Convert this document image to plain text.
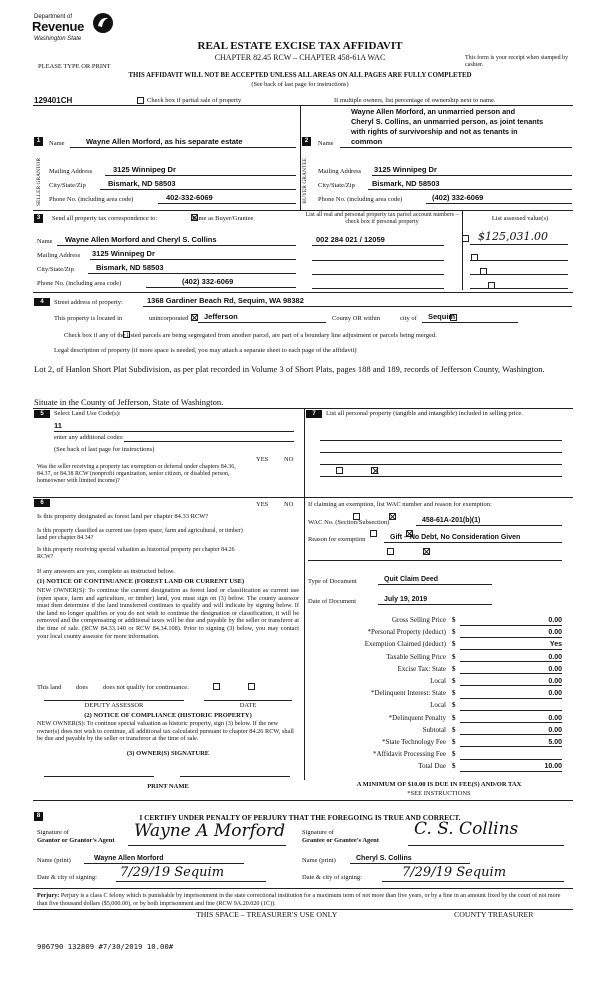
Department of
Revenue
Washington State
REAL ESTATE EXCISE TAX AFFIDAVIT
CHAPTER 82.45 RCW – CHAPTER 458-61A WAC
PLEASE TYPE OR PRINT
This form is your receipt when stamped by cashier.
THIS AFFIDAVIT WILL NOT BE ACCEPTED UNLESS ALL AREAS ON ALL PAGES ARE FULLY COMPLETED
(See back of last page for instructions)
129401CH
	Check box if partial sale of property	If multiple owners, list percentage of ownership next to name.
1
SELLER GRANTOR
Name	Wayne Allen Morford, as his separate estate
Mailing Address	3125 Winnipeg Dr
City/State/Zip	Bismark, ND 58503
Phone No. (including area code)	402-332-6069
2
BUYER GRANTEE
Wayne Allen Morford, an unmarried person and
Cheryl S. Collins, an unmarried person, as joint tenants
with rights of survivorship and not as tenants in
Name	common
Mailing Address 3125 Winnipeg Dr
City/State/Zip	Bismark, ND 58503
Phone No. (including area code)	(402) 332-6069
3	Send all property tax correspondence to:
	Same as Buyer/Grantee
Name	Wayne Allen Morford and Cheryl S. Collins
Mailing Address 3125 Winnipeg Dr
City/State/Zip	Bismark, ND 58503
Phone No. (including area code)	(402) 332-6069
List all real and personal property tax parcel account numbers – check box if personal property	List assessed value(s)
002 284 021 / 12059
	$125,031.00

4	Street address of property:	1368 Gardiner Beach Rd, Sequim, WA 98382
This property is located in
	unincorporated	Jefferson	County OR within
	city of	Sequim

Check box if any of the listed parcels are being segregated from another parcel, are part of a boundary line adjustment or parcels being merged.
Legal description of property (if more space is needed, you may attach a separate sheet to each page of the affidavit)
Lot 2, of Hanlon Short Plat Subdivision, as per plat recorded in Volume 3 of Short Plats, pages 188 and 189, records of Jefferson County, Washington.
Situate in the County of Jefferson, State of Washington.
5	Select Land Use Code(s):
11
enter any additional codes:
(See back of last page for instructions)
YES NO
Was the seller receiving a property tax exemption or deferral under chapters 84.36, 84.37, or 84.38 RCW (nonprofit organization, senior citizen, or disabled person, homeowner with limited income)?

7	List all personal property (tangible and intangible) included in selling price.
6	YES NO
Is this property designated as forest land per chapter 84.33 RCW?

Is this property classified as current use (open space, farm and agricultural, or timber) land per chapter 84.34?

Is this property receiving special valuation as historical property per chapter 84.26 RCW?

If any answers are yes, complete as instructed below.
(1) NOTICE OF CONTINUANCE (FOREST LAND OR CURRENT USE)
NEW OWNER(S): To continue the current designation as forest land or classification as current use (open space, farm and agriculture, or timber) land, you must sign on (3) below. The county assessor must then determine if the land transferred continues to qualify and will indicate by signing below. If the land no longer qualifies or you do not wish to continue the designation or classification, it will be removed and the compensating or additional taxes will be due and payable by the seller or transferor at the time of sale. (RCW 84.33.140 or RCW 84.34.108). Prior to signing (3) below, you may contact your local county assessor for more information.
This land
does does not qualify for continuance.
DEPUTY ASSESSOR	DATE
(2) NOTICE OF COMPLIANCE (HISTORIC PROPERTY)
NEW OWNER(S): To continue special valuation as historic property, sign (3) below. If the new owner(s) does not wish to continue, all additional tax calculated pursuant to chapter 84.26 RCW, shall be due and payable by the seller or transferor at the time of sale.
(3) OWNER(S) SIGNATURE
PRINT NAME
If claiming an exemption, list WAC number and reason for exemption:
WAC No. (Section/Subsection)	458-61A-201(b)(1)
Reason for exemption	Gift – No Debt, No Consideration Given
Type of Document	Quit Claim Deed
Date of Document	July 19, 2019
Gross Selling Price $	0.00
*Personal Property (deduct) $	0.00
Exemption Claimed (deduct) $	Yes
Taxable Selling Price $	0.00
Excise Tax: State $	0.00
Local $	0.00
*Delinquent Interest: State $	0.00
Local $
*Delinquent Penalty $	0.00
Subtotal $	0.00
*State Technology Fee $	5.00
*Affidavit Processing Fee $
Total Due $	10.00
A MINIMUM OF $10.00 IS DUE IN FEE(S) AND/OR TAX
*SEE INSTRUCTIONS
8	I CERTIFY UNDER PENALTY OF PERJURY THAT THE FOREGOING IS TRUE AND CORRECT.
Signature of
Grantor or Grantor's Agent	Wayne A Morford	Signature of
Grantee or Grantee's Agent
C. S. Collins
Name (print)	Wayne Allen Morford	Name (print)	Cheryl S. Collins
Date & city of signing:	7/29/19 Sequim	Date & city of signing:	7/29/19 Sequim
Perjury: Perjury is a class C felony which is punishable by imprisonment in the state correctional institution for a maximum term of not more than five years, or by a fine in an amount fixed by the court of not more than five thousand dollars ($5,000.00), or by both imprisonment and fine (RCW 9A.20.020 (1C)).
THIS SPACE – TREASURER'S USE ONLY	COUNTY TREASURER
906790 132809 #7/30/2019 10.00#
